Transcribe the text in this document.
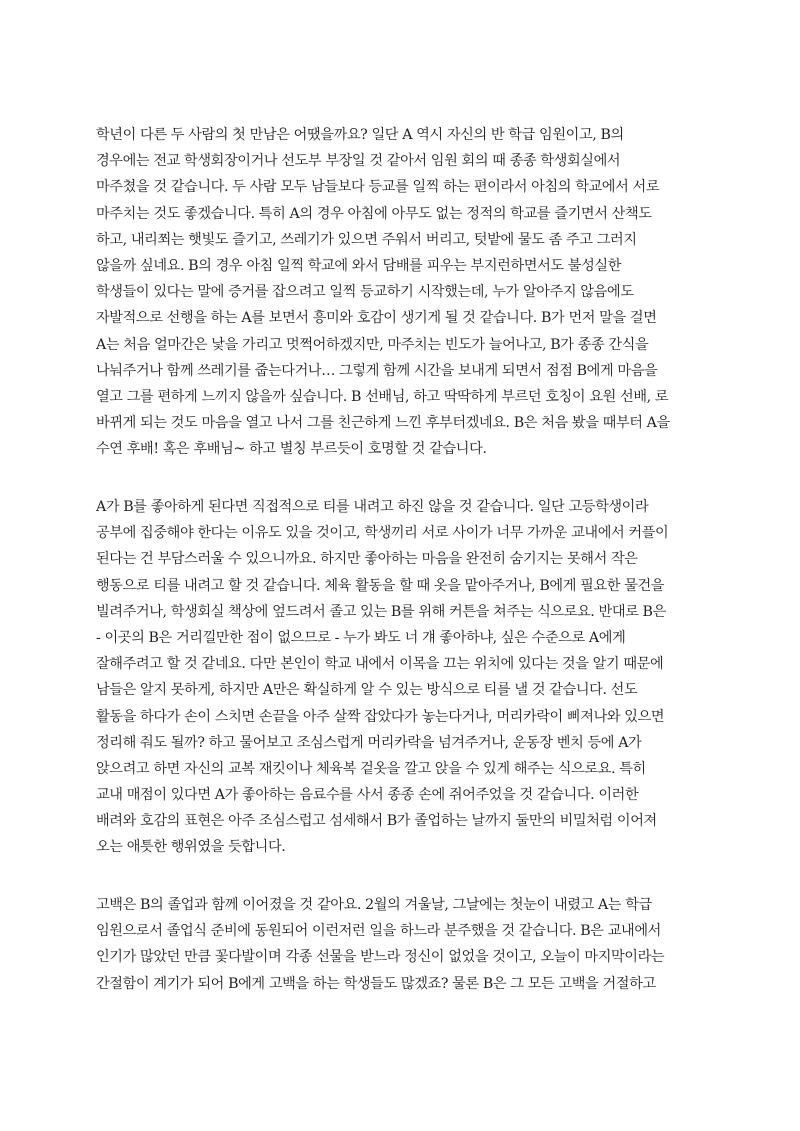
학년이 다른 두 사람의 첫 만남은 어땠을까요? 일단 A 역시 자신의 반 학급 임원이고, B의
경우에는 전교 학생회장이거나 선도부 부장일 것 같아서 임원 회의 때 종종 학생회실에서
마주쳤을 것 같습니다. 두 사람 모두 남들보다 등교를 일찍 하는 편이라서 아침의 학교에서 서로
마주치는 것도 좋겠습니다. 특히 A의 경우 아침에 아무도 없는 정적의 학교를 즐기면서 산책도
하고, 내리쬐는 햇빛도 즐기고, 쓰레기가 있으면 주워서 버리고, 텃밭에 물도 좀 주고 그러지
않을까 싶네요. B의 경우 아침 일찍 학교에 와서 담배를 피우는 부지런하면서도 불성실한
학생들이 있다는 말에 증거를 잡으려고 일찍 등교하기 시작했는데, 누가 알아주지 않음에도
자발적으로 선행을 하는 A를 보면서 흥미와 호감이 생기게 될 것 같습니다. B가 먼저 말을 걸면
A는 처음 얼마간은 낯을 가리고 멋쩍어하겠지만, 마주치는 빈도가 늘어나고, B가 종종 간식을
나눠주거나 함께 쓰레기를 줍는다거나… 그렇게 함께 시간을 보내게 되면서 점점 B에게 마음을
열고 그를 편하게 느끼지 않을까 싶습니다. B 선배님, 하고 딱딱하게 부르던 호칭이 요원 선배, 로
바뀌게 되는 것도 마음을 열고 나서 그를 친근하게 느낀 후부터겠네요. B은 처음 봤을 때부터 A을
수연 후배! 혹은 후배님~ 하고 별칭 부르듯이 호명할 것 같습니다.
A가 B를 좋아하게 된다면 직접적으로 티를 내려고 하진 않을 것 같습니다. 일단 고등학생이라
공부에 집중해야 한다는 이유도 있을 것이고, 학생끼리 서로 사이가 너무 가까운 교내에서 커플이
된다는 건 부담스러울 수 있으니까요. 하지만 좋아하는 마음을 완전히 숨기지는 못해서 작은
행동으로 티를 내려고 할 것 같습니다. 체육 활동을 할 때 옷을 맡아주거나, B에게 필요한 물건을
빌려주거나, 학생회실 책상에 엎드려서 졸고 있는 B를 위해 커튼을 쳐주는 식으로요. 반대로 B은
- 이곳의 B은 거리낄만한 점이 없으므로 - 누가 봐도 너 걔 좋아하냐, 싶은 수준으로 A에게
잘해주려고 할 것 같네요. 다만 본인이 학교 내에서 이목을 끄는 위치에 있다는 것을 알기 때문에
남들은 알지 못하게, 하지만 A만은 확실하게 알 수 있는 방식으로 티를 낼 것 같습니다. 선도
활동을 하다가 손이 스치면 손끝을 아주 살짝 잡았다가 놓는다거나, 머리카락이 삐져나와 있으면
정리해 줘도 될까? 하고 물어보고 조심스럽게 머리카락을 넘겨주거나, 운동장 벤치 등에 A가
앉으려고 하면 자신의 교복 재킷이나 체육복 겉옷을 깔고 앉을 수 있게 해주는 식으로요. 특히
교내 매점이 있다면 A가 좋아하는 음료수를 사서 종종 손에 쥐어주었을 것 같습니다. 이러한
배려와 호감의 표현은 아주 조심스럽고 섬세해서 B가 졸업하는 날까지 둘만의 비밀처럼 이어져
오는 애틋한 행위였을 듯합니다.
고백은 B의 졸업과 함께 이어졌을 것 같아요. 2월의 겨울날, 그날에는 첫눈이 내렸고 A는 학급
임원으로서 졸업식 준비에 동원되어 이런저런 일을 하느라 분주했을 것 같습니다. B은 교내에서
인기가 많았던 만큼 꽃다발이며 각종 선물을 받느라 정신이 없었을 것이고, 오늘이 마지막이라는
간절함이 계기가 되어 B에게 고백을 하는 학생들도 많겠죠? 물론 B은 그 모든 고백을 거절하고
